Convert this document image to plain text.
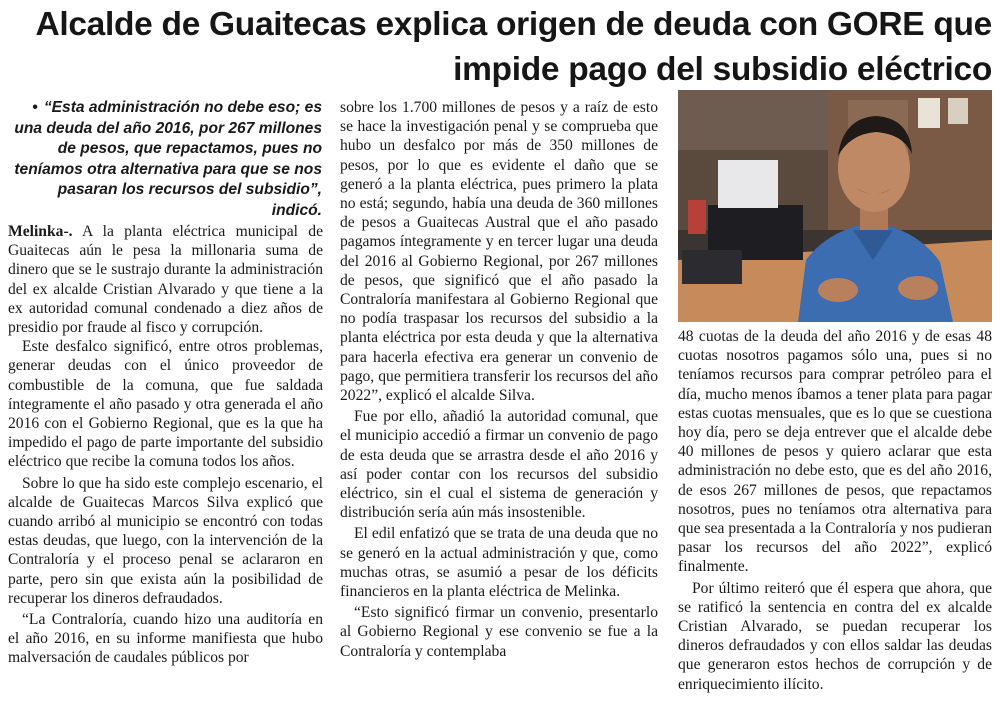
Alcalde de Guaitecas explica origen de deuda con GORE que
impide pago del subsidio eléctrico
• “Esta administración no debe eso; es una deuda del año 2016, por 267 millones de pesos, que repactamos, pues no teníamos otra alternativa para que se nos pasaran los recursos del subsidio”, indicó.

Melinka-. A la planta eléctrica municipal de Guaitecas aún le pesa la millonaria suma de dinero que se le sustrajo durante la administración del ex alcalde Cristian Alvarado y que tiene a la ex autoridad comunal condenado a diez años de presidio por fraude al fisco y corrupción.

Este desfalco significó, entre otros problemas, generar deudas con el único proveedor de combustible de la comuna, que fue saldada íntegramente el año pasado y otra generada el año 2016 con el Gobierno Regional, que es la que ha impedido el pago de parte importante del subsidio eléctrico que recibe la comuna todos los años.

Sobre lo que ha sido este complejo escenario, el alcalde de Guaitecas Marcos Silva explicó que cuando arribó al municipio se encontró con todas estas deudas, que luego, con la intervención de la Contraloría y el proceso penal se aclararon en parte, pero sin que exista aún la posibilidad de recuperar los dineros defraudados.

“La Contraloría, cuando hizo una auditoría en el año 2016, en su informe manifiesta que hubo malversación de caudales públicos por

sobre los 1.700 millones de pesos y a raíz de esto se hace la investigación penal y se comprueba que hubo un desfalco por más de 350 millones de pesos, por lo que es evidente el daño que se generó a la planta eléctrica, pues primero la plata no está; segundo, había una deuda de 360 millones de pesos a Guaitecas Austral que el año pasado pagamos íntegramente y en tercer lugar una deuda del 2016 al Gobierno Regional, por 267 millones de pesos, que significó que el año pasado la Contraloría manifestara al Gobierno Regional que no podía traspasar los recursos del subsidio a la planta eléctrica por esta deuda y que la alternativa para hacerla efectiva era generar un convenio de pago, que permitiera transferir los recursos del año 2022”, explicó el alcalde Silva.

Fue por ello, añadió la autoridad comunal, que el municipio accedió a firmar un convenio de pago de esta deuda que se arrastra desde el año 2016 y así poder contar con los recursos del subsidio eléctrico, sin el cual el sistema de generación y distribución sería aún más insostenible.

El edil enfatizó que se trata de una deuda que no se generó en la actual administración y que, como muchas otras, se asumió a pesar de los déficits financieros en la planta eléctrica de Melinka.

“Esto significó firmar un convenio, presentarlo al Gobierno Regional y ese convenio se fue a la Contraloría y contemplaba

48 cuotas de la deuda del año 2016 y de esas 48 cuotas nosotros pagamos sólo una, pues si no teníamos recursos para comprar petróleo para el día, mucho menos íbamos a tener plata para pagar estas cuotas mensuales, que es lo que se cuestiona hoy día, pero se deja entrever que el alcalde debe 40 millones de pesos y quiero aclarar que esta administración no debe esto, que es del año 2016, de esos 267 millones de pesos, que repactamos nosotros, pues no teníamos otra alternativa para que sea presentada a la Contraloría y nos pudieran pasar los recursos del año 2022”, explicó finalmente.

Por último reiteró que él espera que ahora, que se ratificó la sentencia en contra del ex alcalde Cristian Alvarado, se puedan recuperar los dineros defraudados y con ellos saldar las deudas que generaron estos hechos de corrupción y de enriquecimiento ilícito.
